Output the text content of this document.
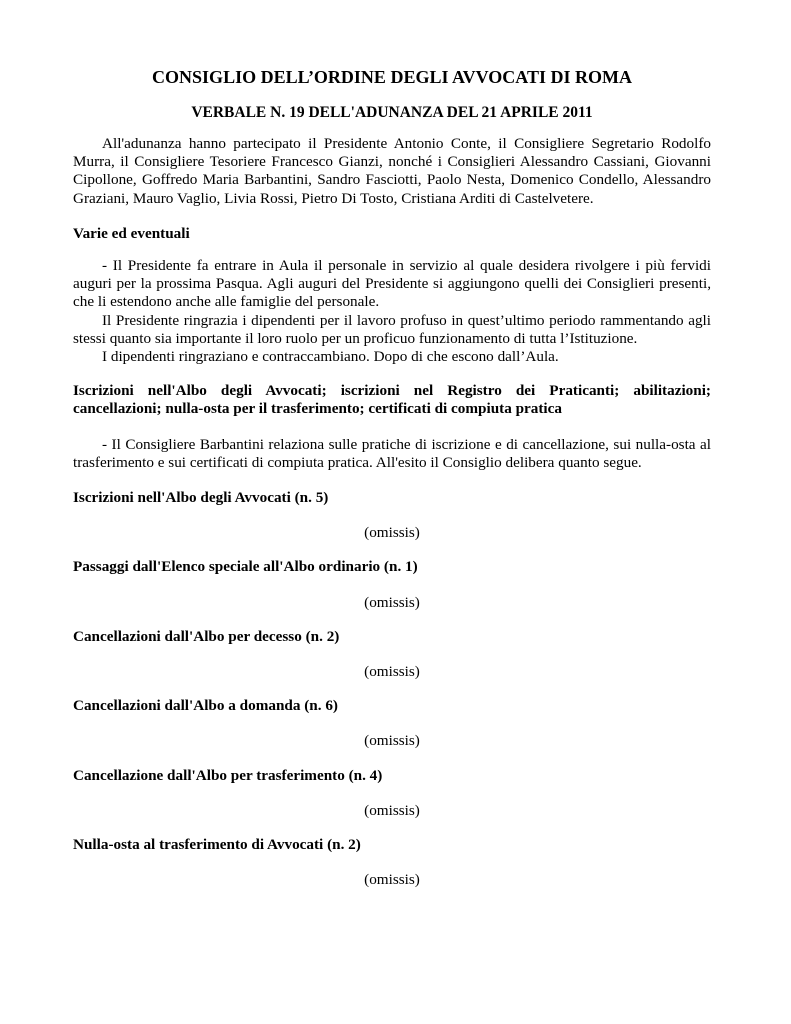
CONSIGLIO DELL’ORDINE DEGLI AVVOCATI DI ROMA
VERBALE N. 19 DELL'ADUNANZA DEL 21 APRILE 2011

All'adunanza hanno partecipato il Presidente Antonio Conte, il Consigliere Segretario Rodolfo Murra, il Consigliere Tesoriere Francesco Gianzi, nonché i Consiglieri Alessandro Cassiani, Giovanni Cipollone, Goffredo Maria Barbantini, Sandro Fasciotti, Paolo Nesta, Domenico Condello, Alessandro Graziani, Mauro Vaglio, Livia Rossi, Pietro Di Tosto, Cristiana Arditi di Castelvetere.

Varie ed eventuali

- Il Presidente fa entrare in Aula il personale in servizio al quale desidera rivolgere i più fervidi auguri per la prossima Pasqua. Agli auguri del Presidente si aggiungono quelli dei Consiglieri presenti, che li estendono anche alle famiglie del personale.

Il Presidente ringrazia i dipendenti per il lavoro profuso in quest’ultimo periodo rammentando agli stessi quanto sia importante il loro ruolo per un proficuo funzionamento di tutta l’Istituzione.

I dipendenti ringraziano e contraccambiano. Dopo di che escono dall’Aula.

Iscrizioni nell'Albo degli Avvocati; iscrizioni nel Registro dei Praticanti; abilitazioni; cancellazioni; nulla-osta per il trasferimento; certificati di compiuta pratica

- Il Consigliere Barbantini relaziona sulle pratiche di iscrizione e di cancellazione, sui nulla-osta al trasferimento e sui certificati di compiuta pratica. All'esito il Consiglio delibera quanto segue.

Iscrizioni nell'Albo degli Avvocati (n. 5)

(omissis)

Passaggi dall'Elenco speciale all'Albo ordinario (n. 1)

(omissis)

Cancellazioni dall'Albo per decesso (n. 2)

(omissis)

Cancellazioni dall'Albo a domanda (n. 6)

(omissis)

Cancellazione dall'Albo per trasferimento (n. 4)

(omissis)

Nulla-osta al trasferimento di Avvocati (n. 2)

(omissis)
